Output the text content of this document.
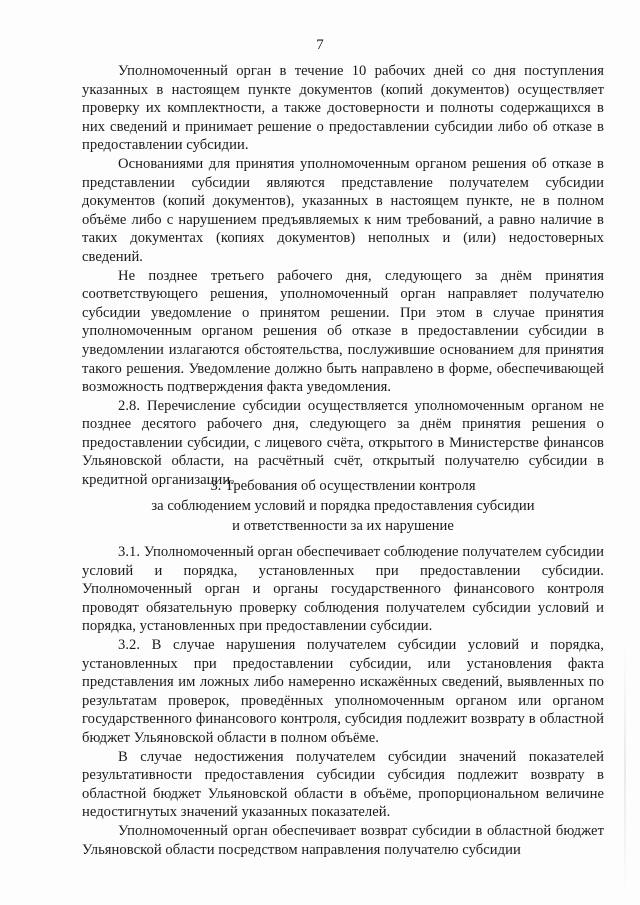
7

Уполномоченный орган в течение 10 рабочих дней со дня поступления указанных в настоящем пункте документов (копий документов) осуществляет проверку их комплектности, а также достоверности и полноты содержащихся в них сведений и принимает решение о предоставлении субсидии либо об отказе в предоставлении субсидии.

Основаниями для принятия уполномоченным органом решения об отказе в представлении субсидии являются представление получателем субсидии документов (копий документов), указанных в настоящем пункте, не в полном объёме либо с нарушением предъявляемых к ним требований, а равно наличие в таких документах (копиях документов) неполных и (или) недостоверных сведений.

Не позднее третьего рабочего дня, следующего за днём принятия соответствующего решения, уполномоченный орган направляет получателю субсидии уведомление о принятом решении. При этом в случае принятия уполномоченным органом решения об отказе в предоставлении субсидии в уведомлении излагаются обстоятельства, послужившие основанием для принятия такого решения. Уведомление должно быть направлено в форме, обеспечивающей возможность подтверждения факта уведомления.

2.8. Перечисление субсидии осуществляется уполномоченным органом не позднее десятого рабочего дня, следующего за днём принятия решения о предоставлении субсидии, с лицевого счёта, открытого в Министерстве финансов Ульяновской области, на расчётный счёт, открытый получателю субсидии в кредитной организации.

3. Требования об осуществлении контроля
за соблюдением условий и порядка предоставления субсидии
и ответственности за их нарушение

3.1. Уполномоченный орган обеспечивает соблюдение получателем субсидии условий и порядка, установленных при предоставлении субсидии. Уполномоченный орган и органы государственного финансового контроля проводят обязательную проверку соблюдения получателем субсидии условий и порядка, установленных при предоставлении субсидии.

3.2. В случае нарушения получателем субсидии условий и порядка, установленных при предоставлении субсидии, или установления факта представления им ложных либо намеренно искажённых сведений, выявленных по результатам проверок, проведённых уполномоченным органом или органом государственного финансового контроля, субсидия подлежит возврату в областной бюджет Ульяновской области в полном объёме.

В случае недостижения получателем субсидии значений показателей результативности предоставления субсидии субсидия подлежит возврату в областной бюджет Ульяновской области в объёме, пропорциональном величине недостигнутых значений указанных показателей.

Уполномоченный орган обеспечивает возврат субсидии в областной бюджет Ульяновской области посредством направления получателю субсидии
